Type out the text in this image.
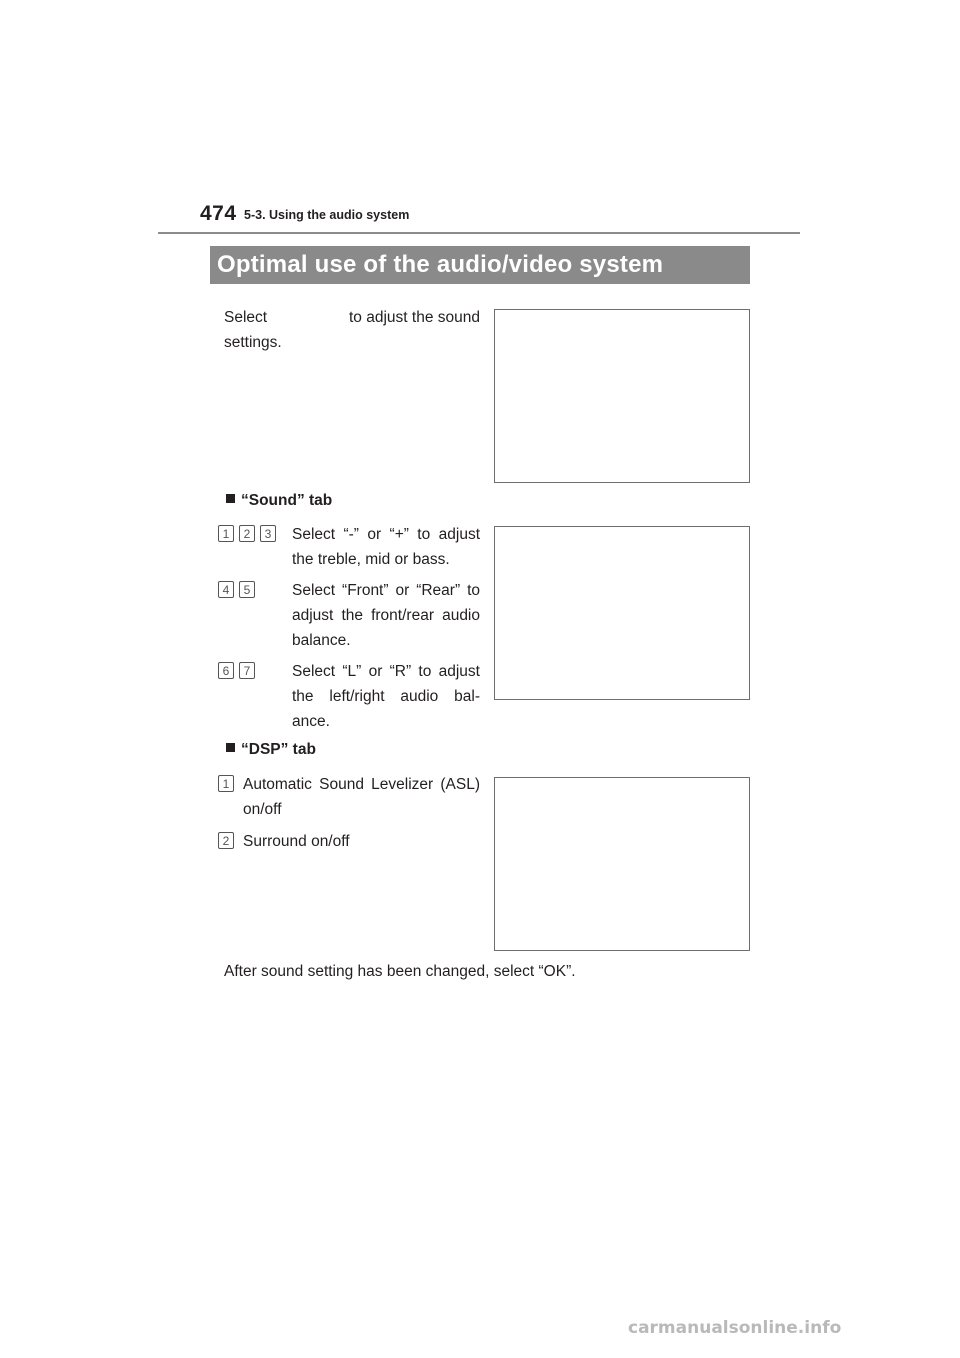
474 5-3. Using the audio system
Optimal use of the audio/video system
Select	to adjust the sound
settings.
“Sound” tab
1	2	3	Select “-” or “+” to adjust the treble, mid or bass.
4	5	Select “Front” or “Rear” to adjust the front/rear audio balance.
6	7	Select “L” or “R” to adjust the left/right audio bal-ance.
“DSP” tab
1 Automatic Sound Levelizer (ASL) on/off
2 Surround on/off
After sound setting has been changed, select “OK”.
carmanualsonline.info
